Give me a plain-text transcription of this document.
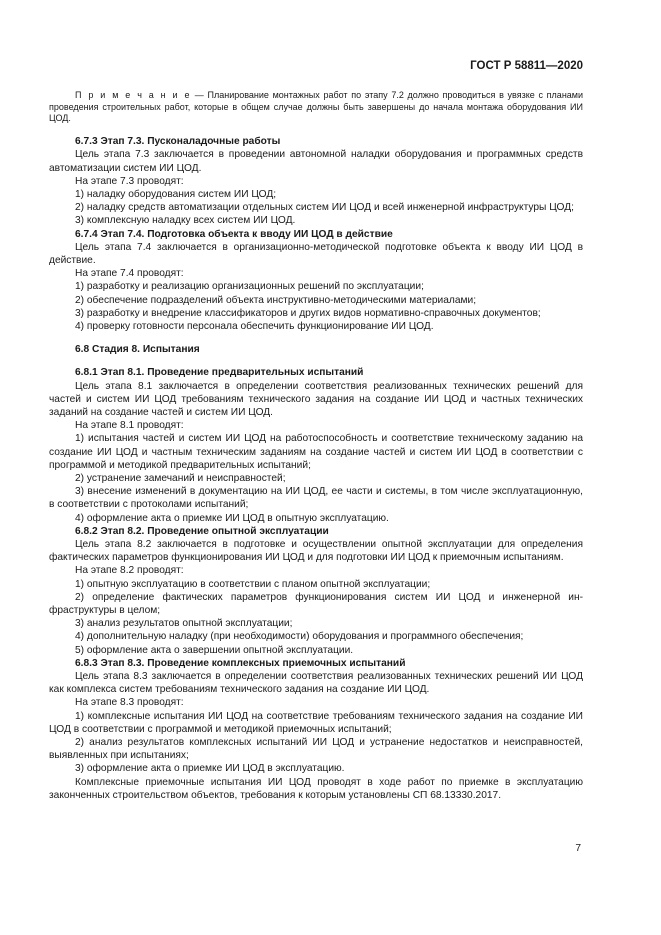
ГОСТ Р 58811—2020

П р и м е ч а н и е — Планирование монтажных работ по этапу 7.2 должно проводиться в увязке с планами проведения строительных работ, которые в общем случае должны быть завершены до начала монтажа оборудования ИИ ЦОД.

6.7.3 Этап 7.3. Пусконаладочные работы

Цель этапа 7.3 заключается в проведении автономной наладки оборудования и программных средств автоматизации систем ИИ ЦОД.

На этапе 7.3 проводят:

1) наладку оборудования систем ИИ ЦОД;

2) наладку средств автоматизации отдельных систем ИИ ЦОД и всей инженерной инфраструктуры ЦОД;

3) комплексную наладку всех систем ИИ ЦОД.

6.7.4 Этап 7.4. Подготовка объекта к вводу ИИ ЦОД в действие

Цель этапа 7.4 заключается в организационно-методической подготовке объекта к вводу ИИ ЦОД в действие.

На этапе 7.4 проводят:

1) разработку и реализацию организационных решений по эксплуатации;

2) обеспечение подразделений объекта инструктивно-методическими материалами;

3) разработку и внедрение классификаторов и других видов нормативно-справочных документов;

4) проверку готовности персонала обеспечить функционирование ИИ ЦОД.

6.8 Стадия 8. Испытания

6.8.1 Этап 8.1. Проведение предварительных испытаний

Цель этапа 8.1 заключается в определении соответствия реализованных технических решений для частей и систем ИИ ЦОД требованиям технического задания на создание ИИ ЦОД и частных технических заданий на создание частей и систем ИИ ЦОД.

На этапе 8.1 проводят:

1) испытания частей и систем ИИ ЦОД на работоспособность и соответствие техническому заданию на создание ИИ ЦОД и частным техническим заданиям на создание частей и систем ИИ ЦОД в соответствии с программой и методикой предварительных испытаний;

2) устранение замечаний и неисправностей;

3) внесение изменений в документацию на ИИ ЦОД, ее части и системы, в том числе эксплуатационную, в соответствии с протоколами испытаний;

4) оформление акта о приемке ИИ ЦОД в опытную эксплуатацию.

6.8.2 Этап 8.2. Проведение опытной эксплуатации

Цель этапа 8.2 заключается в подготовке и осуществлении опытной эксплуатации для определения фактических параметров функционирования ИИ ЦОД и для подготовки ИИ ЦОД к приемочным испытаниям.

На этапе 8.2 проводят:

1) опытную эксплуатацию в соответствии с планом опытной эксплуатации;

2) определение фактических параметров функционирования систем ИИ ЦОД и инженерной инфраструктуры в целом;

3) анализ результатов опытной эксплуатации;

4) дополнительную наладку (при необходимости) оборудования и программного обеспечения;

5) оформление акта о завершении опытной эксплуатации.

6.8.3 Этап 8.3. Проведение комплексных приемочных испытаний

Цель этапа 8.3 заключается в определении соответствия реализованных технических решений ИИ ЦОД как комплекса систем требованиям технического задания на создание ИИ ЦОД.

На этапе 8.3 проводят:

1) комплексные испытания ИИ ЦОД на соответствие требованиям технического задания на создание ИИ ЦОД в соответствии с программой и методикой приемочных испытаний;

2) анализ результатов комплексных испытаний ИИ ЦОД и устранение недостатков и неисправностей, выявленных при испытаниях;

3) оформление акта о приемке ИИ ЦОД в эксплуатацию.

Комплексные приемочные испытания ИИ ЦОД проводят в ходе работ по приемке в эксплуатацию законченных строительством объектов, требования к которым установлены СП 68.13330.2017.

7
